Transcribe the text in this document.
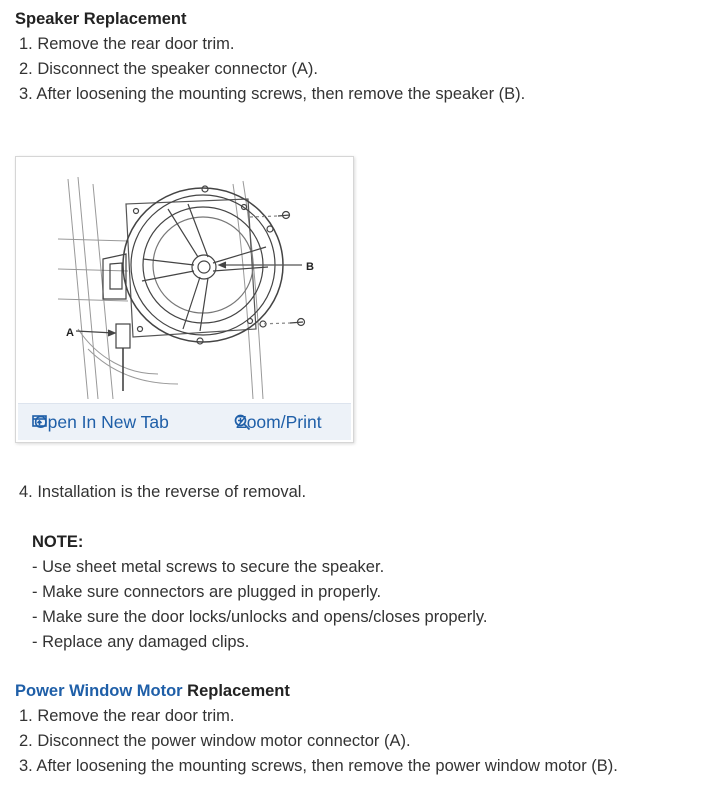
Speaker Replacement
1. Remove the rear door trim.
2. Disconnect the speaker connector (A).
3. After loosening the mounting screws, then remove the speaker (B).
A
B
Open In New Tab	Zoom/Print
4. Installation is the reverse of removal.
NOTE:
- Use sheet metal screws to secure the speaker.
- Make sure connectors are plugged in properly.
- Make sure the door locks/unlocks and opens/closes properly.
- Replace any damaged clips.
Power Window Motor Replacement
1. Remove the rear door trim.
2. Disconnect the power window motor connector (A).
3. After loosening the mounting screws, then remove the power window motor (B).
